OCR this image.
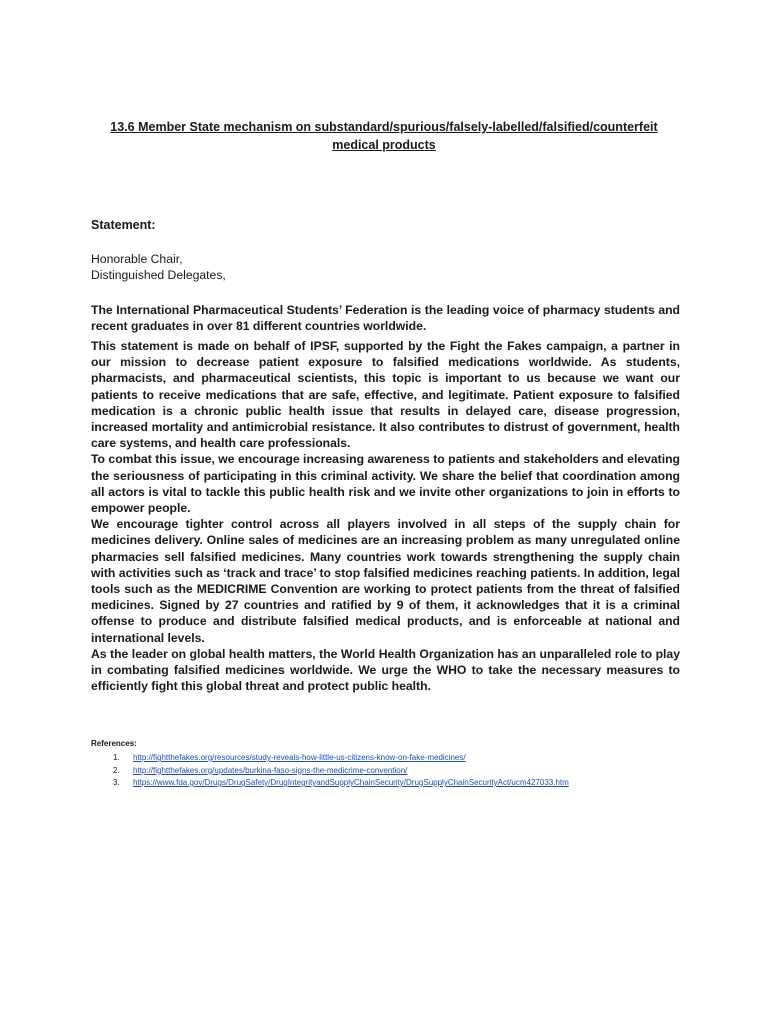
13.6 Member State mechanism on substandard/spurious/falsely-labelled/falsified/counterfeit
medical products
Statement:

Honorable Chair,

Distinguished Delegates,

The International Pharmaceutical Students’ Federation is the leading voice of pharmacy students and recent graduates in over 81 different countries worldwide.

This statement is made on behalf of IPSF, supported by the Fight the Fakes campaign, a partner in our mission to decrease patient exposure to falsified medications worldwide. As students, pharmacists, and pharmaceutical scientists, this topic is important to us because we want our patients to receive medications that are safe, effective, and legitimate. Patient exposure to falsified medication is a chronic public health issue that results in delayed care, disease progression, increased mortality and antimicrobial resistance. It also contributes to distrust of government, health care systems, and health care professionals.

To combat this issue, we encourage increasing awareness to patients and stakeholders and elevating the seriousness of participating in this criminal activity. We share the belief that coordination among all actors is vital to tackle this public health risk and we invite other organizations to join in efforts to empower people.

We encourage tighter control across all players involved in all steps of the supply chain for medicines delivery. Online sales of medicines are an increasing problem as many unregulated online pharmacies sell falsified medicines. Many countries work towards strengthening the supply chain with activities such as ‘track and trace’ to stop falsified medicines reaching patients. In addition, legal tools such as the MEDICRIME Convention are working to protect patients from the threat of falsified medicines. Signed by 27 countries and ratified by 9 of them, it acknowledges that it is a criminal offense to produce and distribute falsified medical products, and is enforceable at national and international levels.

As the leader on global health matters, the World Health Organization has an unparalleled role to play in combating falsified medicines worldwide. We urge the WHO to take the necessary measures to efficiently fight this global threat and protect public health.

References:
1.	http://fightthefakes.org/resources/study-reveals-how-little-us-citizens-know-on-fake-medicines/
2.	http://fightthefakes.org/updates/burkina-faso-signs-the-medicrime-convention/
3.	https://www.fda.gov/Drugs/DrugSafety/DrugIntegrityandSupplyChainSecurity/DrugSupplyChainSecurityAct/ucm427033.htm
